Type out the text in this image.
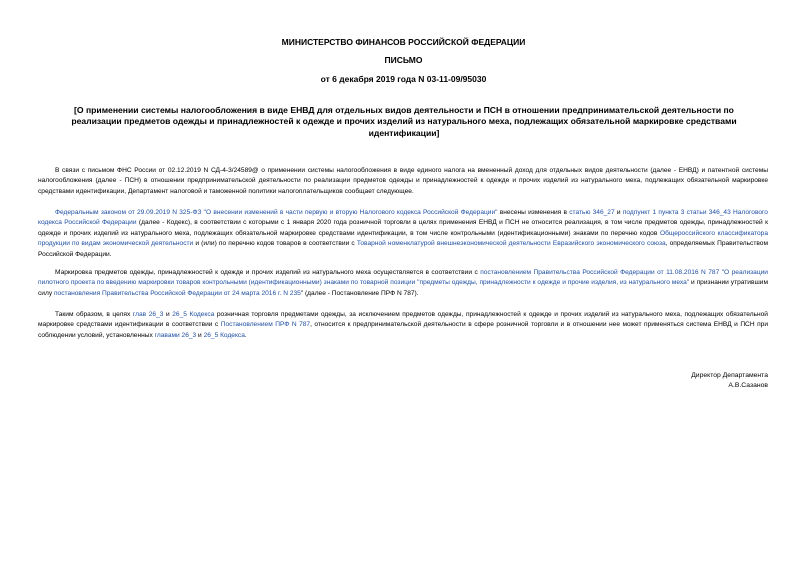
МИНИСТЕРСТВО ФИНАНСОВ РОССИЙСКОЙ ФЕДЕРАЦИИ
ПИСЬМО
от 6 декабря 2019 года N 03-11-09/95030
[О применении системы налогообложения в виде ЕНВД для отдельных видов деятельности и ПСН в отношении предпринимательской деятельности по реализации предметов одежды и принадлежностей к одежде и прочих изделий из натурального меха, подлежащих обязательной маркировке средствами идентификации]
В связи с письмом ФНС России от 02.12.2019 N СД-4-3/24589@ о применении системы налогообложения в виде единого налога на вмененный доход для отдельных видов деятельности (далее - ЕНВД) и патентной системы налогообложения (далее - ПСН) в отношении предпринимательской деятельности по реализации предметов одежды и принадлежностей к одежде и прочих изделий из натурального меха, подлежащих обязательной маркировке средствами идентификации, Департамент налоговой и таможенной политики налогоплательщиков сообщает следующее.
Федеральным законом от 29.09.2019 N 325-ФЗ "О внесении изменений в части первую и вторую Налогового кодекса Российской Федерации" внесены изменения в статью 346_27 и подпункт 1 пункта 3 статьи 346_43 Налогового кодекса Российской Федерации (далее - Кодекс), в соответствии с которыми с 1 января 2020 года розничной торговли в целях применения ЕНВД и ПСН не относится реализация, в том числе предметов одежды, принадлежностей к одежде и прочих изделий из натурального меха, подлежащих обязательной маркировке средствами идентификации, в том числе контрольными (идентификационными) знаками по перечню кодов Общероссийского классификатора продукции по видам экономической деятельности и (или) по перечню кодов товаров в соответствии с Товарной номенклатурой внешнеэкономической деятельности Евразийского экономического союза, определяемых Правительством Российской Федерации.
Маркировка предметов одежды, принадлежностей к одежде и прочих изделий из натурального меха осуществляется в соответствии с постановлением Правительства Российской Федерации от 11.08.2016 N 787 "О реализации пилотного проекта по введению маркировки товаров контрольными (идентификационными) знаками по товарной позиции "предметы одежды, принадлежности к одежде и прочие изделия, из натурального меха" и признании утратившим силу постановления Правительства Российской Федерации от 24 марта 2016 г. N 235" (далее - Постановление ПРФ N 787).
Таким образом, в целях глав 26_3 и 26_5 Кодекса розничная торговля предметами одежды, за исключением предметов одежды, принадлежностей к одежде и прочих изделий из натурального меха, подлежащих обязательной маркировке средствами идентификации в соответствии с Постановлением ПРФ N 787, относится к предпринимательской деятельности в сфере розничной торговли и в отношении нее может применяться система ЕНВД и ПСН при соблюдении условий, установленных главами 26_3 и 26_5 Кодекса.
Директор Департамента
А.В.Сазанов
